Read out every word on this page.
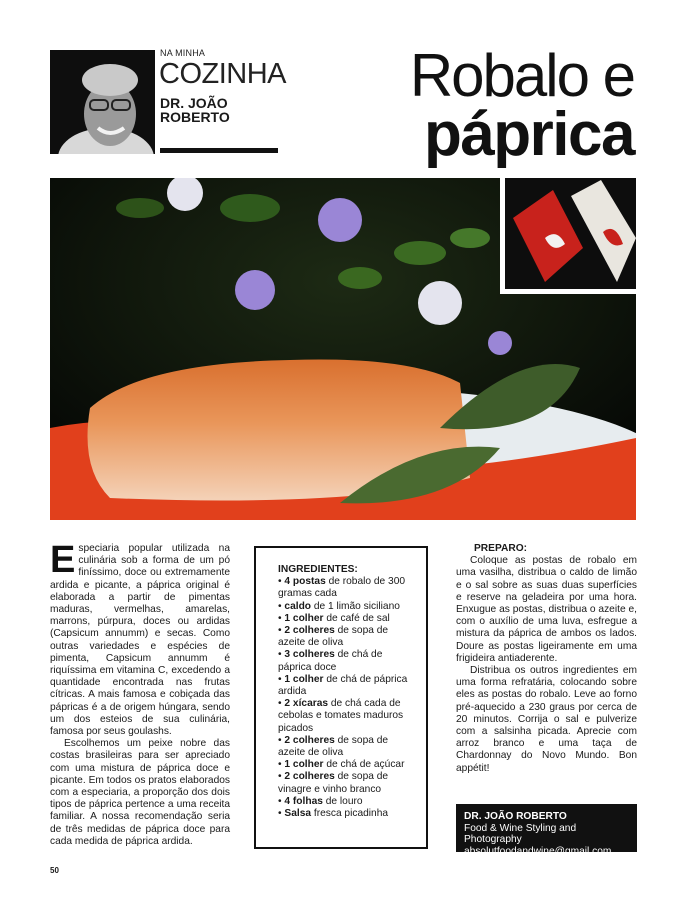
NA MINHA
COZINHA
DR. JOÃO
ROBERTO
Robalo e
páprica

Especiaria popular utilizada na culinária sob a forma de um pó finíssimo, doce ou extremamente ardida e picante, a páprica original é elaborada a partir de pimentas maduras, vermelhas, amarelas, marrons, púrpura, doces ou ardidas (Capsicum annumm) e secas. Como outras variedades e espécies de pimenta, Capsicum annumm é riquíssima em vitamina C, excedendo a quantidade encontrada nas frutas cítricas. A mais famosa e cobiçada das pápricas é a de origem húngara, sendo um dos esteios de sua culinária, famosa por seus goulashs.

Escolhemos um peixe nobre das costas brasileiras para ser apreciado com uma mistura de páprica doce e picante. Em todos os pratos elaborados com a especiaria, a proporção dos dois tipos de páprica pertence a uma receita familiar. A nossa recomendação seria de três medidas de páprica doce para cada medida de páprica ardida.

INGREDIENTES:
• 4 postas de robalo de 300 gramas cada
• caldo de 1 limão siciliano
• 1 colher de café de sal
• 2 colheres de sopa de azeite de oliva
• 3 colheres de chá de páprica doce
• 1 colher de chá de páprica ardida
• 2 xícaras de chá cada de cebolas e tomates maduros picados
• 2 colheres de sopa de azeite de oliva
• 1 colher de chá de açúcar
• 2 colheres de sopa de vinagre e vinho branco
• 4 folhas de louro
• Salsa fresca picadinha

PREPARO:

Coloque as postas de robalo em uma vasilha, distribua o caldo de limão e o sal sobre as suas duas superfícies e reserve na geladeira por uma hora. Enxugue as postas, distribua o azeite e, com o auxílio de uma luva, esfregue a mistura da páprica de ambos os lados. Doure as postas ligeiramente em uma frigideira antiaderente.

Distribua os outros ingredientes em uma forma refratária, colocando sobre eles as postas do robalo. Leve ao forno pré-aquecido a 230 graus por cerca de 20 minutos. Corrija o sal e pulverize com a salsinha picada. Aprecie com arroz branco e uma taça de Chardonnay do Novo Mundo. Bon appétit!

DR. JOÃO ROBERTO
Food & Wine Styling and Photography
absolutfoodandwine@gmail.com
50
